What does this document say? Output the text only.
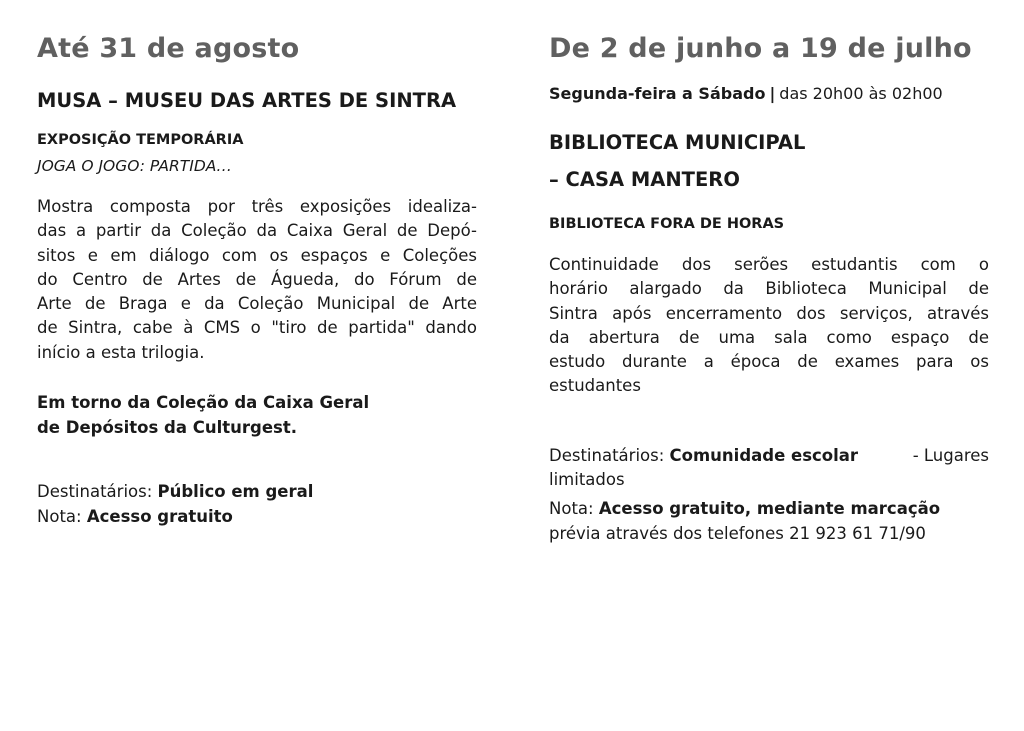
Até 31 de agosto
MUSA – MUSEU DAS ARTES DE SINTRA
EXPOSIÇÃO TEMPORÁRIA
JOGA O JOGO: PARTIDA…
Mostra composta por três exposições idealiza-
das a partir da Coleção da Caixa Geral de Depó-
sitos e em diálogo com os espaços e Coleções
do Centro de Artes de Águeda, do Fórum de
Arte de Braga e da Coleção Municipal de Arte
de Sintra, cabe à CMS o "tiro de partida" dando
início a esta trilogia.
Em torno da Coleção da Caixa Geral
de Depósitos da Culturgest.
Destinatários: Público em geral
Nota: Acesso gratuito
De 2 de junho a 19 de julho
Segunda-feira a Sábado | das 20h00 às 02h00
BIBLIOTECA MUNICIPAL
– CASA MANTERO
BIBLIOTECA FORA DE HORAS
Continuidade dos serões estudantis com o
horário alargado da Biblioteca Municipal de
Sintra após encerramento dos serviços, através
da abertura de uma sala como espaço de
estudo durante a época de exames para os
estudantes
Destinatários: Comunidade escolar	- Lugares
limitados
Nota: Acesso gratuito, mediante marcação
prévia através dos telefones 21 923 61 71/90
